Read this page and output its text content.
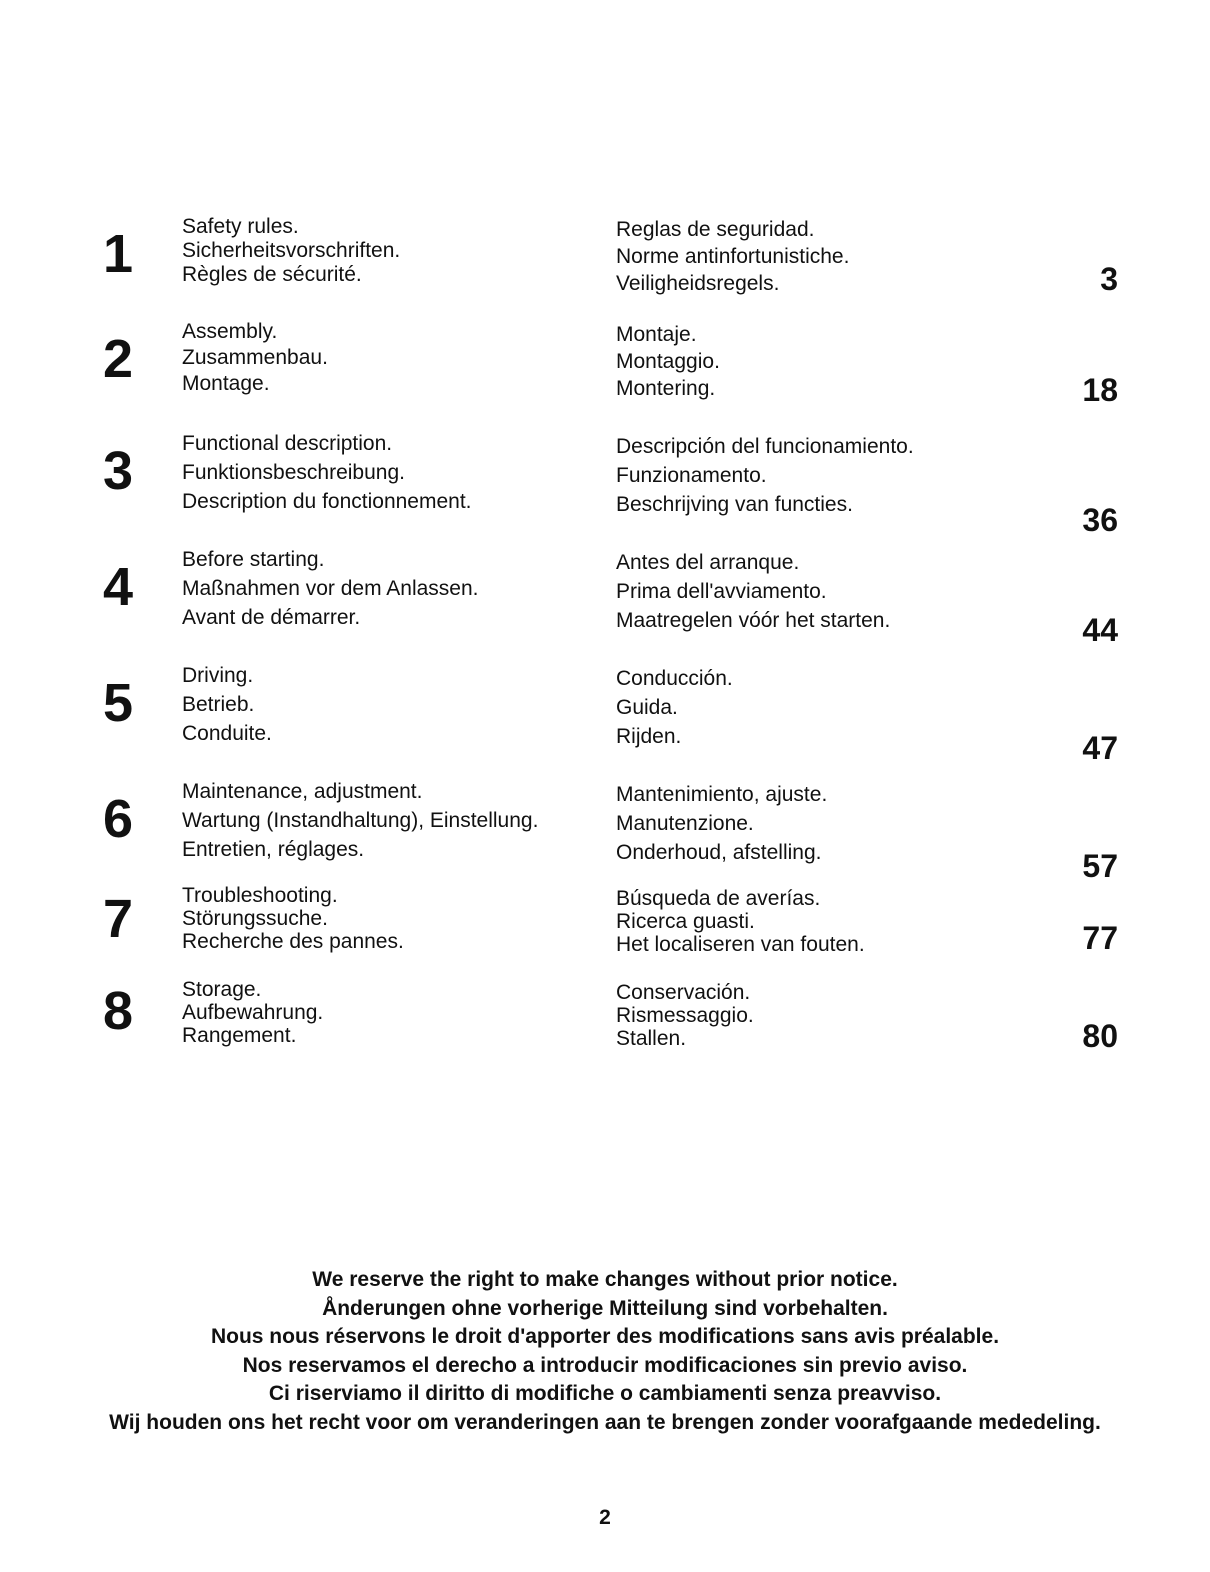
1	Safety rules.
Sicherheitsvorschriften.
Règles de sécurité.
Reglas de seguridad.
Norme antinfortunistiche.
Veiligheidsregels.	3
2	Assembly.
Zusammenbau.
Montage.
Montaje.
Montaggio.
Montering.	18
3	Functional description.
Funktionsbeschreibung.
Description du fonctionnement.
Descripción del funcionamiento.
Funzionamento.
Beschrijving van functies.	36
4	Before starting.
Maßnahmen vor dem Anlassen.
Avant de démarrer.
Antes del arranque.
Prima dell'avviamento.
Maatregelen vóór het starten.	44
5	Driving.
Betrieb.
Conduite.
Conducción.
Guida.
Rijden.	47
6	Maintenance, adjustment.
Wartung (Instandhaltung), Einstellung.
Entretien, réglages.
Mantenimiento, ajuste.
Manutenzione.
Onderhoud, afstelling.	57
7	Troubleshooting.
Störungssuche.
Recherche des pannes.
Búsqueda de averías.
Ricerca guasti.
Het localiseren van fouten.	77
8	Storage.
Aufbewahrung.
Rangement.
Conservación.
Rismessaggio.
Stallen.	80
We reserve the right to make changes without prior notice.
Ånderungen ohne vorherige Mitteilung sind vorbehalten.
Nous nous réservons le droit d'apporter des modifications sans avis préalable.
Nos reservamos el derecho a introducir modificaciones sin previo aviso.
Ci riserviamo il diritto di modifiche o cambiamenti senza preavviso.
Wij houden ons het recht voor om veranderingen aan te brengen zonder voorafgaande mededeling.
2
